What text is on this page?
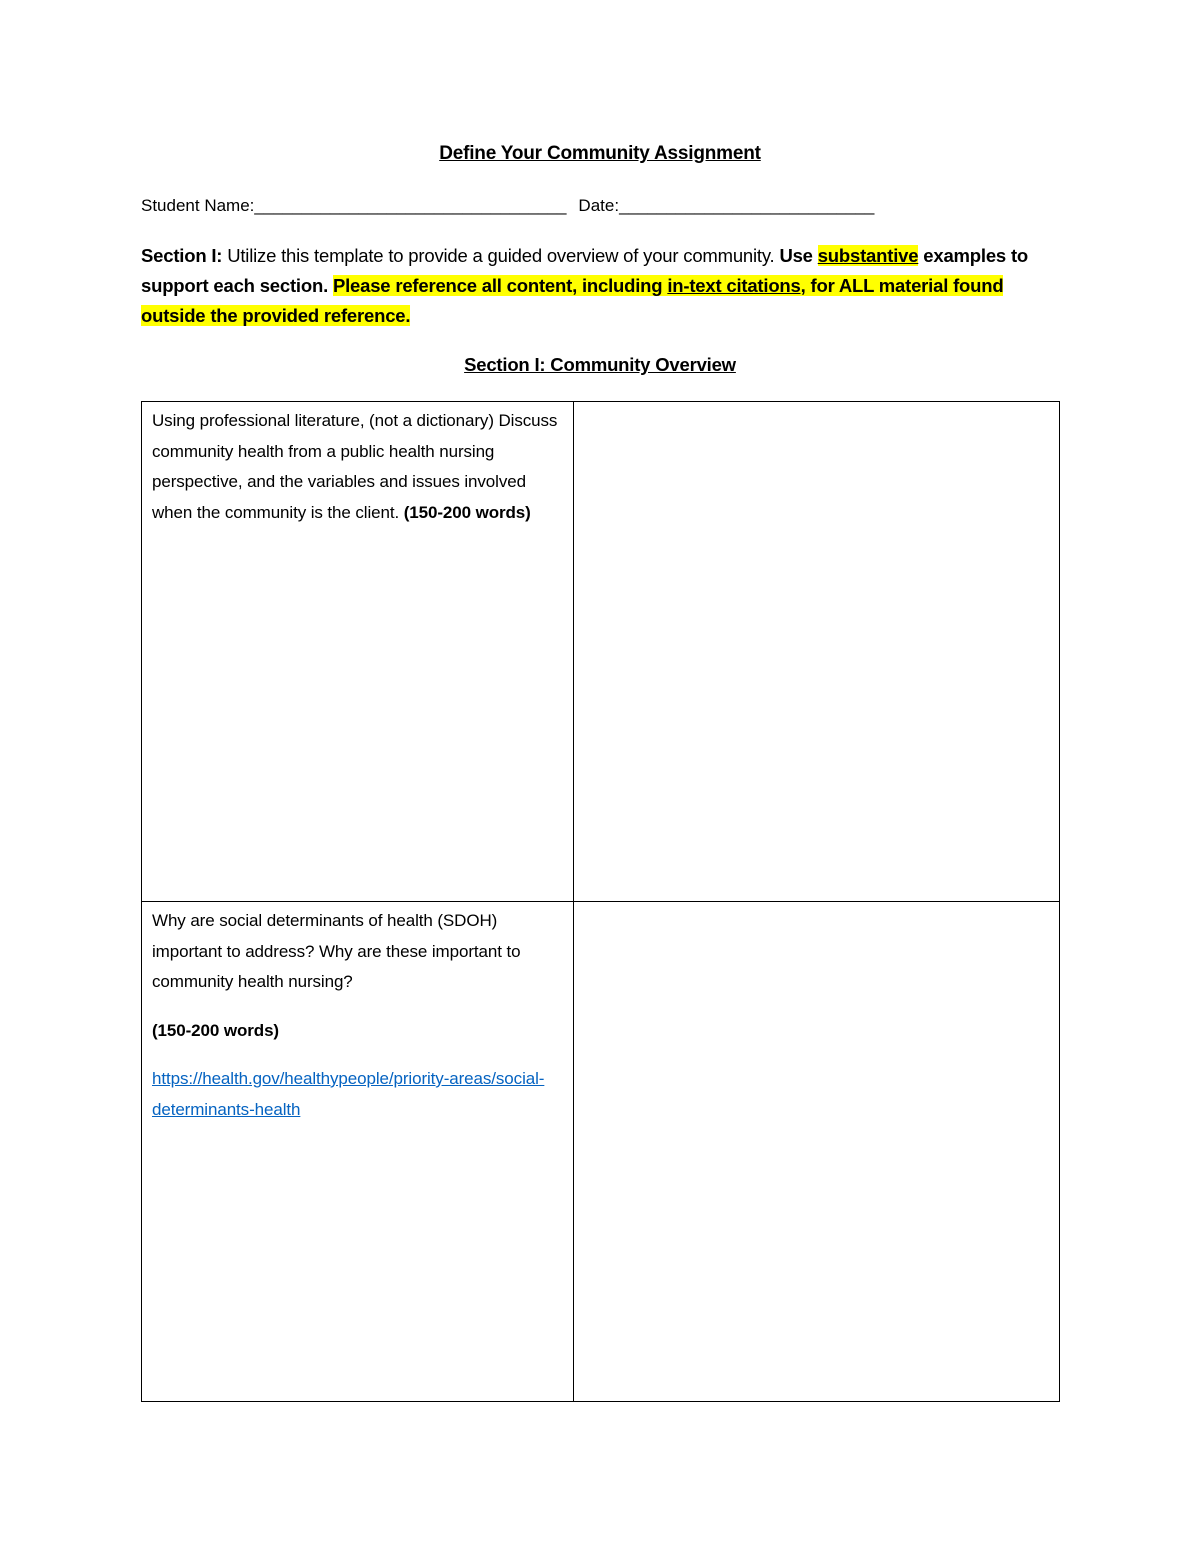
Define Your Community Assignment
Student Name:_________________________________ Date:___________________________
Section I: Utilize this template to provide a guided overview of your community. Use substantive examples to support each section. Please reference all content, including in-text citations, for ALL material found outside the provided reference.
Section I: Community Overview

Using professional literature, (not a dictionary) Discuss community health from a public health nursing perspective, and the variables and issues involved when the community is the client. (150-200 words)	

Why are social determinants of health (SDOH) important to address? Why are these important to community health nursing?

(150-200 words)

https://health.gov/healthypeople/priority-areas/social-determinants-health	
